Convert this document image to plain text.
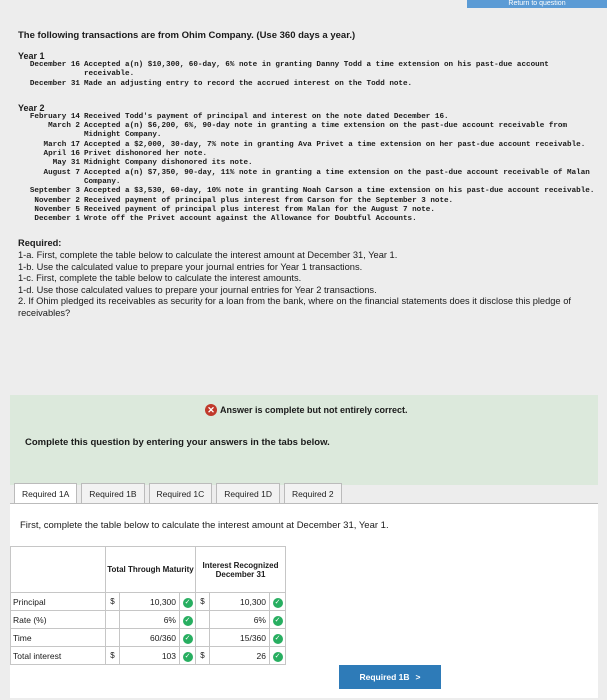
Return to question
The following transactions are from Ohim Company. (Use 360 days a year.)
Year 1
December 16 Accepted a(n) $10,300, 60-day, 6% note in granting Danny Todd a time extension on his past-due account receivable.
December 31 Made an adjusting entry to record the accrued interest on the Todd note.
Year 2
February 14 Received Todd's payment of principal and interest on the note dated December 16.
March 2 Accepted a(n) $6,200, 6%, 90-day note in granting a time extension on the past-due account receivable from Midnight Company.
March 17 Accepted a $2,000, 30-day, 7% note in granting Ava Privet a time extension on her past-due account receivable.
April 16 Privet dishonored her note.
May 31 Midnight Company dishonored its note.
August 7 Accepted a(n) $7,350, 90-day, 11% note in granting a time extension on the past-due account receivable of Malan Company.
September 3 Accepted a $3,530, 60-day, 10% note in granting Noah Carson a time extension on his past-due account receivable.
November 2 Received payment of principal plus interest from Carson for the September 3 note.
November 5 Received payment of principal plus interest from Malan for the August 7 note.
December 1 Wrote off the Privet account against the Allowance for Doubtful Accounts.
Required:
1-a. First, complete the table below to calculate the interest amount at December 31, Year 1.
1-b. Use the calculated value to prepare your journal entries for Year 1 transactions.
1-c. First, complete the table below to calculate the interest amounts.
1-d. Use those calculated values to prepare your journal entries for Year 2 transactions.
2. If Ohim pledged its receivables as security for a loan from the bank, where on the financial statements does it disclose this pledge of receivables?
✕ Answer is complete but not entirely correct.
Complete this question by entering your answers in the tabs below.
Required 1A	Required 1B	Required 1C	Required 1D	Required 2
First, complete the table below to calculate the interest amount at December 31, Year 1.
	Total Through Maturity			Interest Recognized December 31		
Principal	$	10,300	✓	$	10,300	✓
Rate (%)		6%	✓		6%	✓
Time		60/360	✓		15/360	✓
Total interest	$	103	✓	$	26	✓
Required 1B >
